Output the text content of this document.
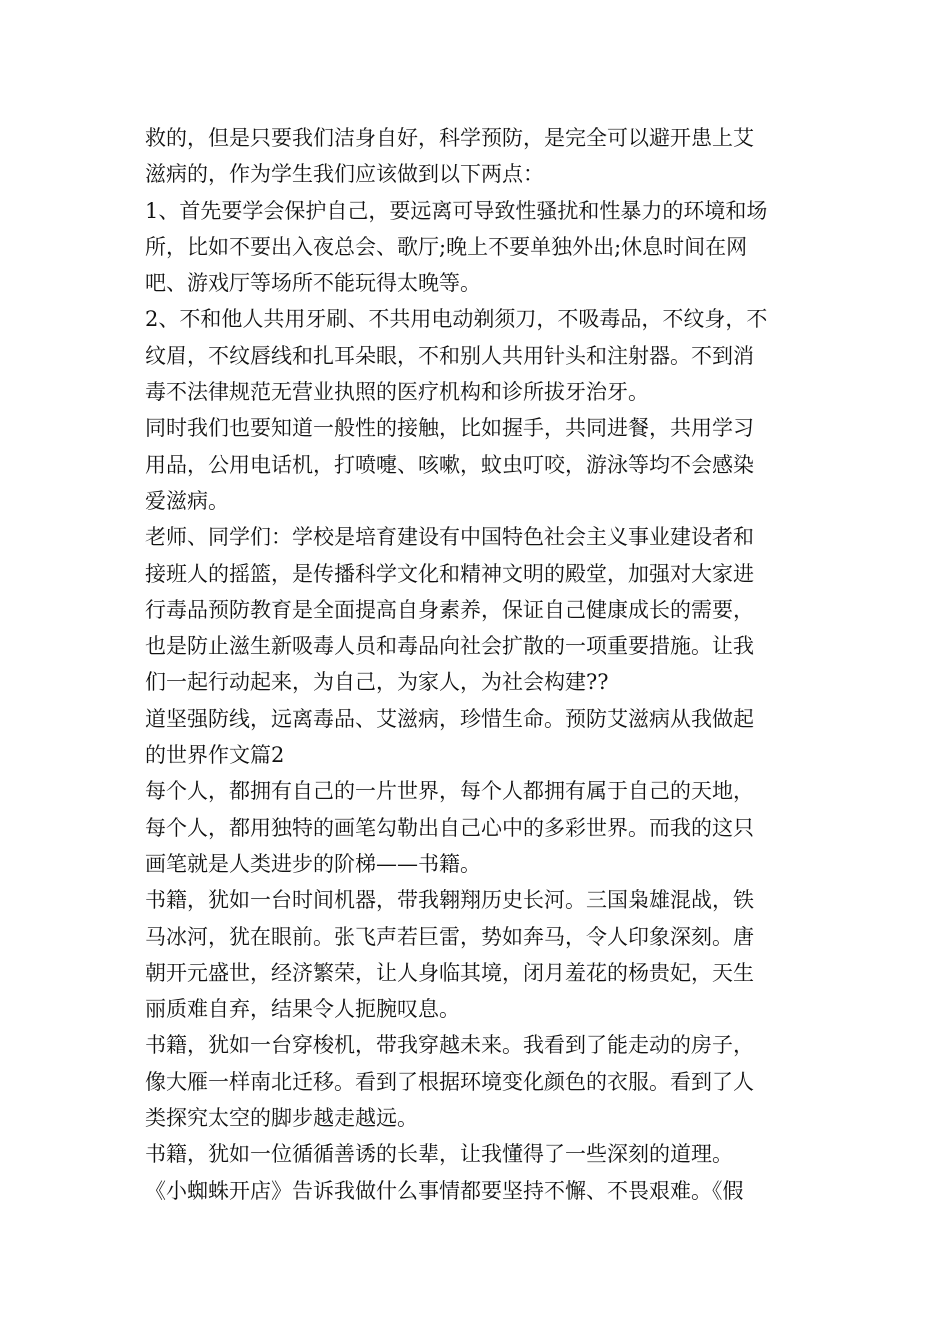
救的，但是只要我们洁身自好，科学预防，是完全可以避开患上艾
滋病的，作为学生我们应该做到以下两点：
1、首先要学会保护自己，要远离可导致性骚扰和性暴力的环境和场
所，比如不要出入夜总会、歌厅;晚上不要单独外出;休息时间在网
吧、游戏厅等场所不能玩得太晚等。
2、不和他人共用牙刷、不共用电动剃须刀，不吸毒品，不纹身，不
纹眉，不纹唇线和扎耳朵眼，不和别人共用针头和注射器。不到消
毒不法律规范无营业执照的医疗机构和诊所拔牙治牙。
同时我们也要知道一般性的接触，比如握手，共同进餐，共用学习
用品，公用电话机，打喷嚏、咳嗽，蚊虫叮咬，游泳等均不会感染
爱滋病。
老师、同学们：学校是培育建设有中国特色社会主义事业建设者和
接班人的摇篮，是传播科学文化和精神文明的殿堂，加强对大家进
行毒品预防教育是全面提高自身素养，保证自己健康成长的需要，
也是防止滋生新吸毒人员和毒品向社会扩散的一项重要措施。让我
们一起行动起来，为自己，为家人，为社会构建??
道坚强防线，远离毒品、艾滋病，珍惜生命。预防艾滋病从我做起
的世界作文篇2
每个人，都拥有自己的一片世界，每个人都拥有属于自己的天地，
每个人，都用独特的画笔勾勒出自己心中的多彩世界。而我的这只
画笔就是人类进步的阶梯——书籍。
书籍，犹如一台时间机器，带我翱翔历史长河。三国枭雄混战，铁
马冰河，犹在眼前。张飞声若巨雷，势如奔马，令人印象深刻。唐
朝开元盛世，经济繁荣，让人身临其境，闭月羞花的杨贵妃，天生
丽质难自弃，结果令人扼腕叹息。
书籍，犹如一台穿梭机，带我穿越未来。我看到了能走动的房子，
像大雁一样南北迁移。看到了根据环境变化颜色的衣服。看到了人
类探究太空的脚步越走越远。
书籍，犹如一位循循善诱的长辈，让我懂得了一些深刻的道理。
《小蜘蛛开店》告诉我做什么事情都要坚持不懈、不畏艰难。《假
